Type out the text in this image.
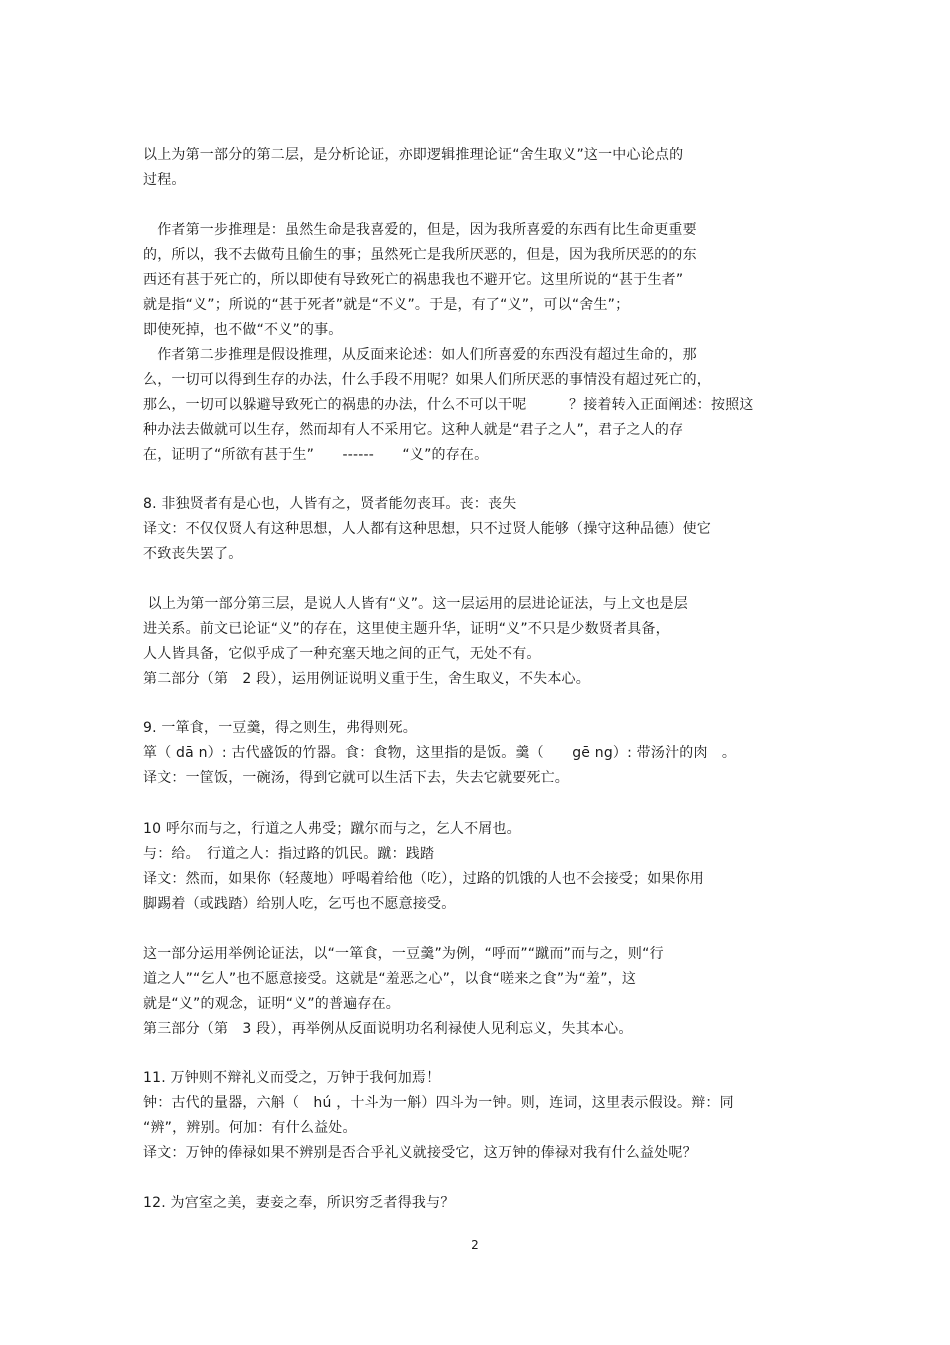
以上为第一部分的第二层，是分析论证，亦即逻辑推理论证“舍生取义”这一中心论点的
过程。
　作者第一步推理是：虽然生命是我喜爱的，但是，因为我所喜爱的东西有比生命更重要
的，所以，我不去做苟且偷生的事；虽然死亡是我所厌恶的，但是，因为我所厌恶的的东
西还有甚于死亡的，所以即使有导致死亡的祸患我也不避开它。这里所说的“甚于生者”
就是指“义”；所说的“甚于死者”就是“不义”。于是，有了“义”，可以“舍生”；
即使死掉，也不做“不义”的事。
　作者第二步推理是假设推理，从反面来论述：如人们所喜爱的东西没有超过生命的，那
么，一切可以得到生存的办法，什么手段不用呢？如果人们所厌恶的事情没有超过死亡的，
那么，一切可以躲避导致死亡的祸患的办法，什么不可以干呢　　　？接着转入正面阐述：按照这
种办法去做就可以生存，然而却有人不采用它。这种人就是“君子之人”，君子之人的存
在，证明了“所欲有甚于生”　　------　　“义”的存在。
8. 非独贤者有是心也，人皆有之，贤者能勿丧耳。丧：丧失
译文：不仅仅贤人有这种思想，人人都有这种思想，只不过贤人能够（操守这种品德）使它
不致丧失罢了。
以上为第一部分第三层，是说人人皆有“义”。这一层运用的层进论证法，与上文也是层
进关系。前文已论证“义”的存在，这里使主题升华，证明“义”不只是少数贤者具备，
人人皆具备，它似乎成了一种充塞天地之间的正气，无处不有。
第二部分（第　2 段），运用例证说明义重于生，舍生取义，不失本心。
9. 一箪食，一豆羹，得之则生，弗得则死。
箪（ dā n）: 古代盛饭的竹器。食：食物，这里指的是饭。羹（　　gē ng）: 带汤汁的肉　。
译文：一筐饭，一碗汤，得到它就可以生活下去，失去它就要死亡。
10 呼尔而与之，行道之人弗受；蹴尔而与之，乞人不屑也。
与：给。　行道之人：指过路的饥民。蹴：践踏
译文：然而，如果你（轻蔑地）呼喝着给他（吃），过路的饥饿的人也不会接受；如果你用
脚踢着（或践踏）给别人吃，乞丐也不愿意接受。
这一部分运用举例论证法，以“一箪食，一豆羹”为例，“呼而”“蹴而”而与之，则“行
道之人”“乞人”也不愿意接受。这就是“羞恶之心”，以食“嗟来之食”为“羞”，这
就是“义”的观念，证明“义”的普遍存在。
第三部分（第　3 段），再举例从反面说明功名利禄使人见利忘义，失其本心。
11. 万钟则不辩礼义而受之，万钟于我何加焉！
钟：古代的量器，六斛（　hú ，十斗为一斛）四斗为一钟。则，连词，这里表示假设。辩：同
“辨”，辨别。何加：有什么益处。
译文：万钟的俸禄如果不辨别是否合乎礼义就接受它，这万钟的俸禄对我有什么益处呢？
12. 为宫室之美，妻妾之奉，所识穷乏者得我与？
2
